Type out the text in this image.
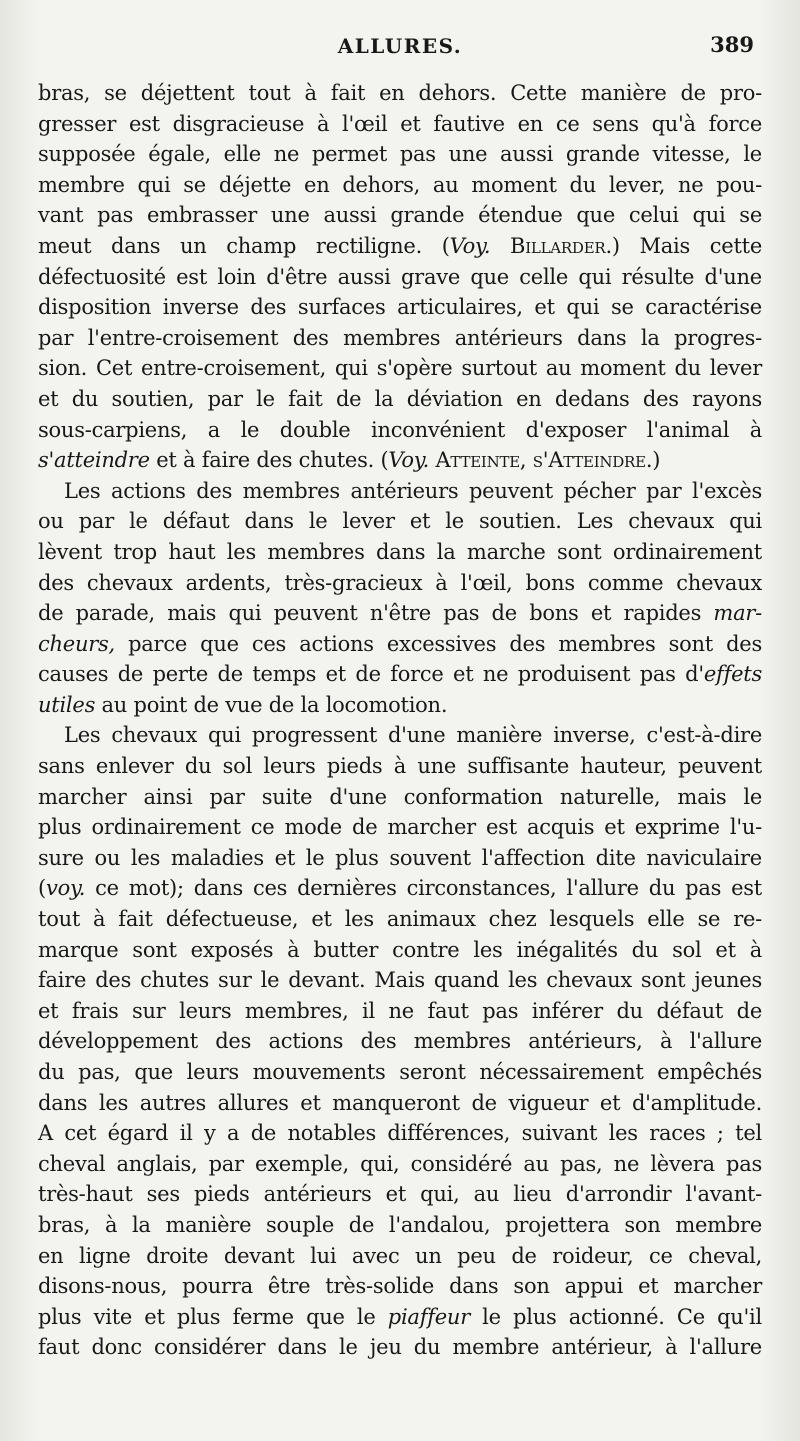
ALLURES.	389
bras, se déjettent tout à fait en dehors. Cette manière de pro-
gresser est disgracieuse à l'œil et fautive en ce sens qu'à force
supposée égale, elle ne permet pas une aussi grande vitesse, le
membre qui se déjette en dehors, au moment du lever, ne pou-
vant pas embrasser une aussi grande étendue que celui qui se
meut dans un champ rectiligne. (Voy. Billarder.) Mais cette
défectuosité est loin d'être aussi grave que celle qui résulte d'une
disposition inverse des surfaces articulaires, et qui se caractérise
par l'entre-croisement des membres antérieurs dans la progres-
sion. Cet entre-croisement, qui s'opère surtout au moment du lever
et du soutien, par le fait de la déviation en dedans des rayons
sous-carpiens, a le double inconvénient d'exposer l'animal à
s'atteindre et à faire des chutes. (Voy. Atteinte, s'Atteindre.)
Les actions des membres antérieurs peuvent pécher par l'excès
ou par le défaut dans le lever et le soutien. Les chevaux qui
lèvent trop haut les membres dans la marche sont ordinairement
des chevaux ardents, très-gracieux à l'œil, bons comme chevaux
de parade, mais qui peuvent n'être pas de bons et rapides mar-
cheurs, parce que ces actions excessives des membres sont des
causes de perte de temps et de force et ne produisent pas d'effets
utiles au point de vue de la locomotion.
Les chevaux qui progressent d'une manière inverse, c'est-à-dire
sans enlever du sol leurs pieds à une suffisante hauteur, peuvent
marcher ainsi par suite d'une conformation naturelle, mais le
plus ordinairement ce mode de marcher est acquis et exprime l'u-
sure ou les maladies et le plus souvent l'affection dite naviculaire
(voy. ce mot); dans ces dernières circonstances, l'allure du pas est
tout à fait défectueuse, et les animaux chez lesquels elle se re-
marque sont exposés à butter contre les inégalités du sol et à
faire des chutes sur le devant. Mais quand les chevaux sont jeunes
et frais sur leurs membres, il ne faut pas inférer du défaut de
développement des actions des membres antérieurs, à l'allure
du pas, que leurs mouvements seront nécessairement empêchés
dans les autres allures et manqueront de vigueur et d'amplitude.
A cet égard il y a de notables différences, suivant les races ; tel
cheval anglais, par exemple, qui, considéré au pas, ne lèvera pas
très-haut ses pieds antérieurs et qui, au lieu d'arrondir l'avant-
bras, à la manière souple de l'andalou, projettera son membre
en ligne droite devant lui avec un peu de roideur, ce cheval,
disons-nous, pourra être très-solide dans son appui et marcher
plus vite et plus ferme que le piaffeur le plus actionné. Ce qu'il
faut donc considérer dans le jeu du membre antérieur, à l'allure
